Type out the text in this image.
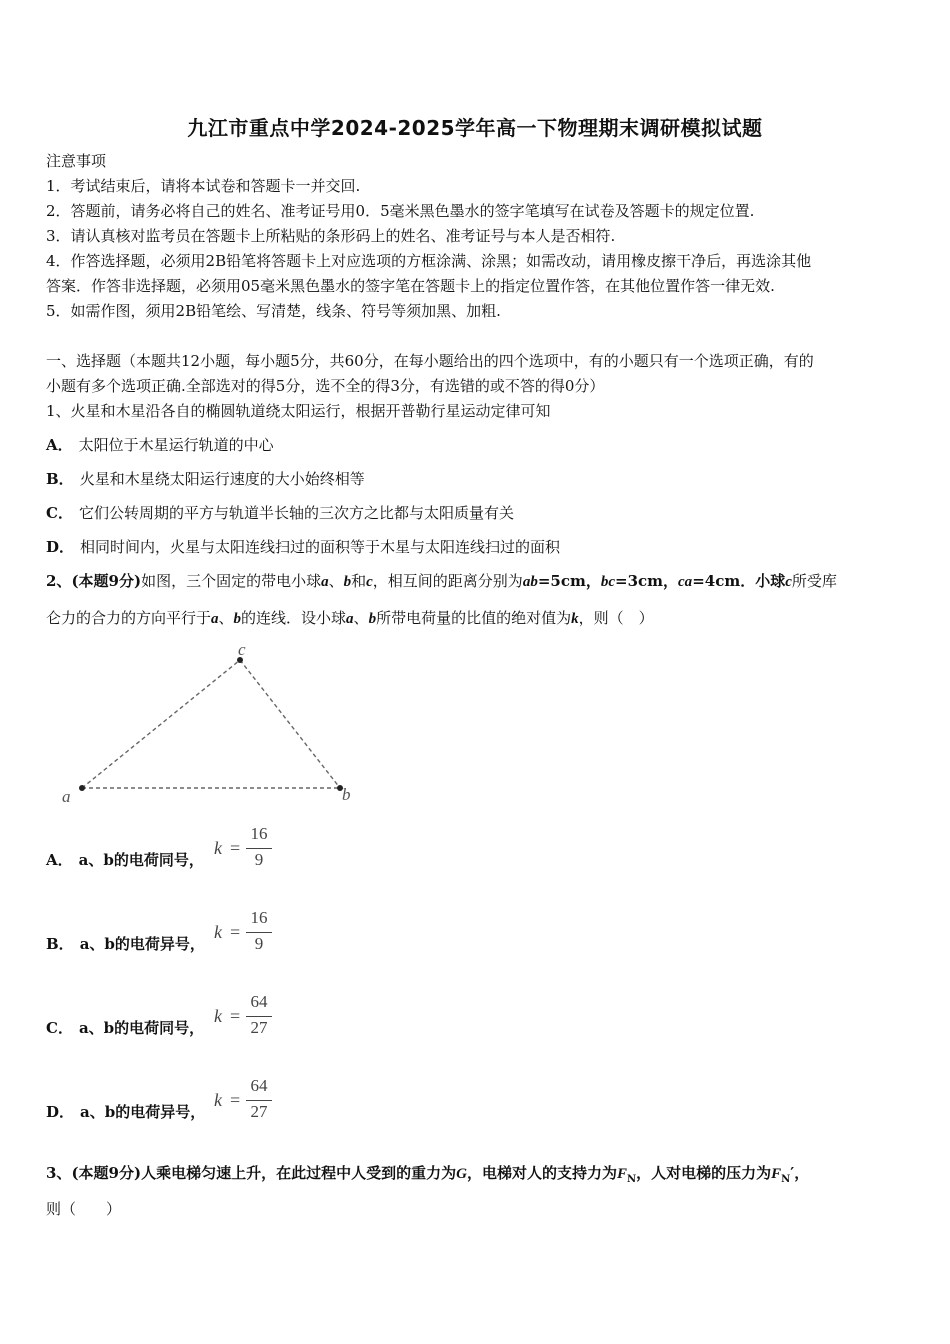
九江市重点中学2024-2025学年高一下物理期末调研模拟试题
注意事项
1．考试结束后，请将本试卷和答题卡一并交回.
2．答题前，请务必将自己的姓名、准考证号用0．5毫米黑色墨水的签字笔填写在试卷及答题卡的规定位置.
3．请认真核对监考员在答题卡上所粘贴的条形码上的姓名、准考证号与本人是否相符.
4．作答选择题，必须用2B铅笔将答题卡上对应选项的方框涂满、涂黑；如需改动，请用橡皮擦干净后，再选涂其他
答案．作答非选择题，必须用05毫米黑色墨水的签字笔在答题卡上的指定位置作答，在其他位置作答一律无效.
5．如需作图，须用2B铅笔绘、写清楚，线条、符号等须加黑、加粗.
一、选择题（本题共12小题，每小题5分，共60分，在每小题给出的四个选项中，有的小题只有一个选项正确，有的
小题有多个选项正确.全部选对的得5分，选不全的得3分，有选错的或不答的得0分）
1、火星和木星沿各自的椭圆轨道绕太阳运行，根据开普勒行星运动定律可知
A． 太阳位于木星运行轨道的中心
B． 火星和木星绕太阳运行速度的大小始终相等
C． 它们公转周期的平方与轨道半长轴的三次方之比都与太阳质量有关
D． 相同时间内，火星与太阳连线扫过的面积等于木星与太阳连线扫过的面积
2、(本题9分)如图，三个固定的带电小球a、b和c，相互间的距离分别为ab=5cm，bc=3cm，ca=4cm．小球c所受库
仑力的合力的方向平行于a、b的连线．设小球a、b所带电荷量的比值的绝对值为k，则（　）
a	b
c
A． a、b的电荷同号，
k =
16
9
B． a、b的电荷异号，
k =
16
9
C． a、b的电荷同号，
k =
64
27
D． a、b的电荷异号，
k =
64
27
3、(本题9分)人乘电梯匀速上升，在此过程中人受到的重力为G，电梯对人的支持力为$F_N$，人对电梯的压力为$F_N'$，
则（　　）
